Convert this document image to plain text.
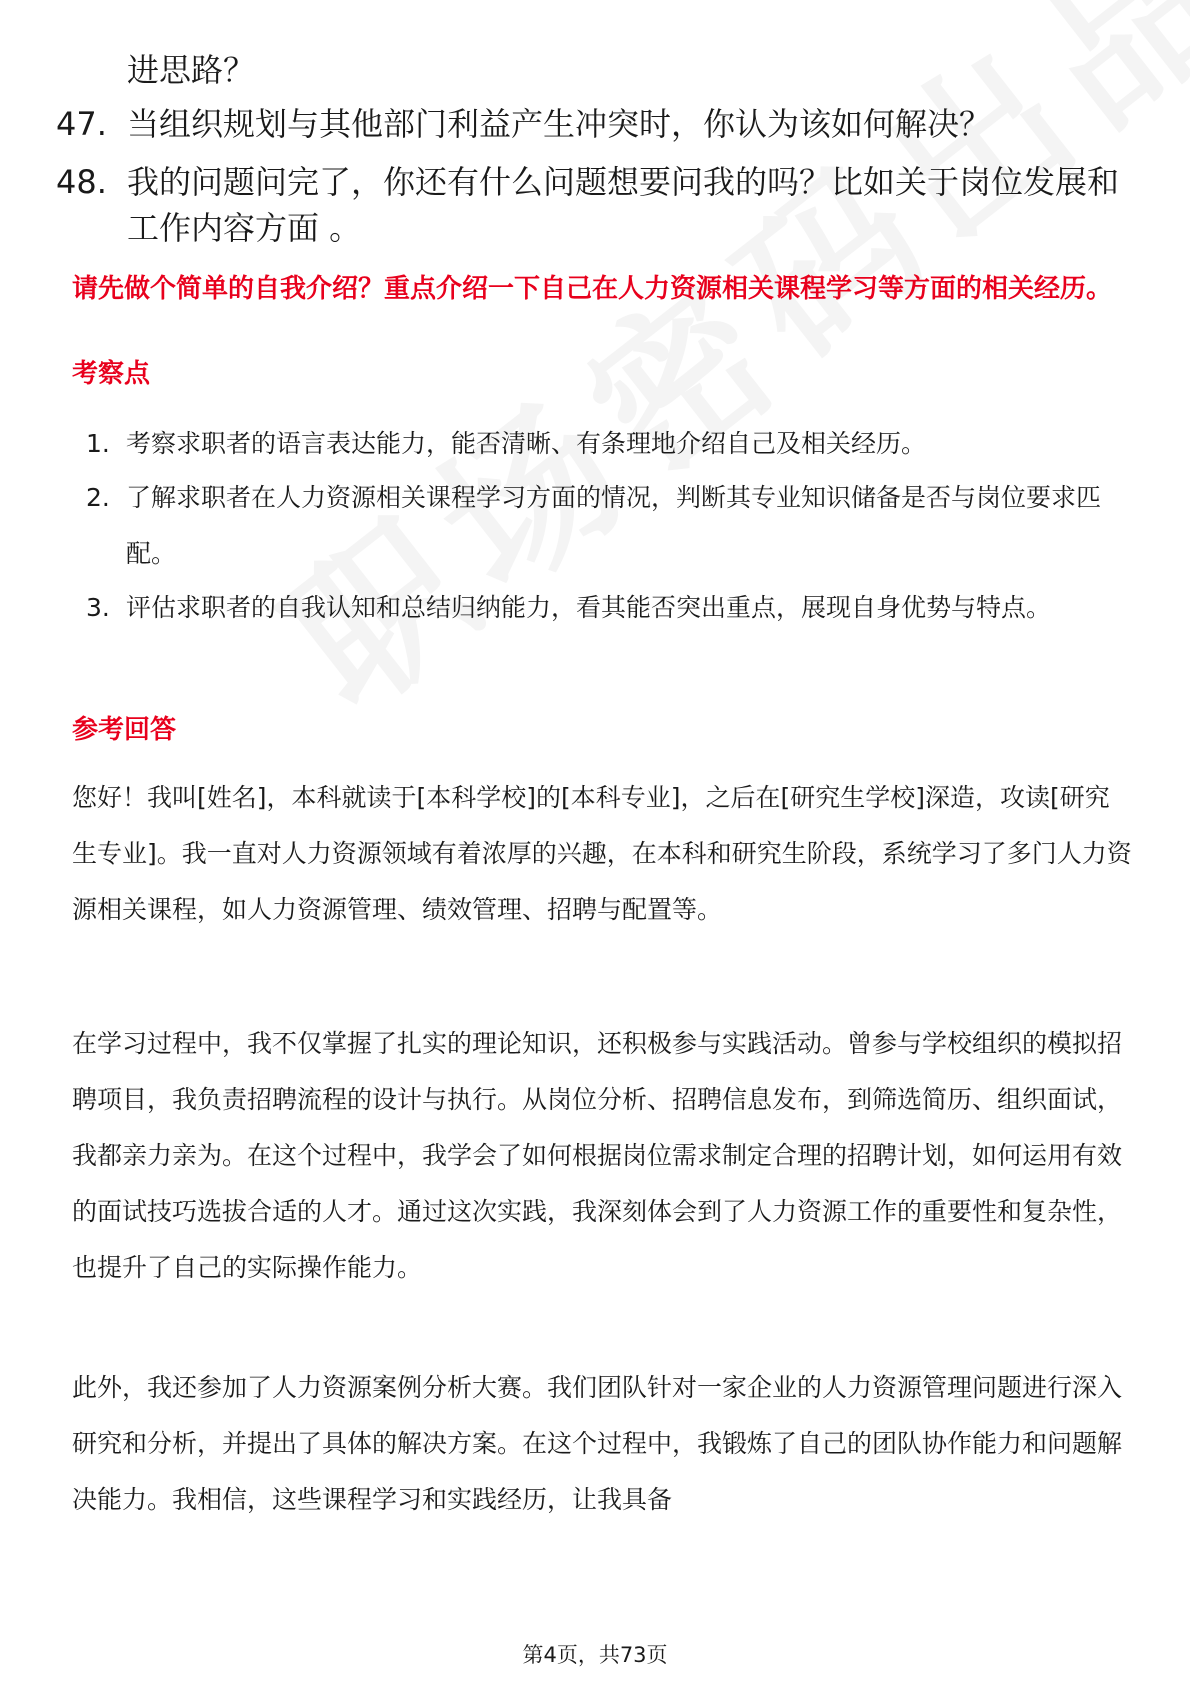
进思路？
47. 当组织规划与其他部门利益产生冲突时，你认为该如何解决？
48. 我的问题问完了，你还有什么问题想要问我的吗？比如关于岗位发展和工作内容方面 。
请先做个简单的自我介绍？重点介绍一下自己在人力资源相关课程学习等方面的相关经历。
考察点
1. 考察求职者的语言表达能力，能否清晰、有条理地介绍自己及相关经历。
2. 了解求职者在人力资源相关课程学习方面的情况，判断其专业知识储备是否与岗位要求匹配。
3. 评估求职者的自我认知和总结归纳能力，看其能否突出重点，展现自身优势与特点。
参考回答
您好！我叫[姓名]，本科就读于[本科学校]的[本科专业]，之后在[研究生学校]深造，攻读[研究生专业]。我一直对人力资源领域有着浓厚的兴趣，在本科和研究生阶段，系统学习了多门人力资源相关课程，如人力资源管理、绩效管理、招聘与配置等。
在学习过程中，我不仅掌握了扎实的理论知识，还积极参与实践活动。曾参与学校组织的模拟招聘项目，我负责招聘流程的设计与执行。从岗位分析、招聘信息发布，到筛选简历、组织面试，我都亲力亲为。在这个过程中，我学会了如何根据岗位需求制定合理的招聘计划，如何运用有效的面试技巧选拔合适的人才。通过这次实践，我深刻体会到了人力资源工作的重要性和复杂性，也提升了自己的实际操作能力。
此外，我还参加了人力资源案例分析大赛。我们团队针对一家企业的人力资源管理问题进行深入研究和分析，并提出了具体的解决方案。在这个过程中，我锻炼了自己的团队协作能力和问题解决能力。我相信，这些课程学习和实践经历，让我具备
第4页，共73页
